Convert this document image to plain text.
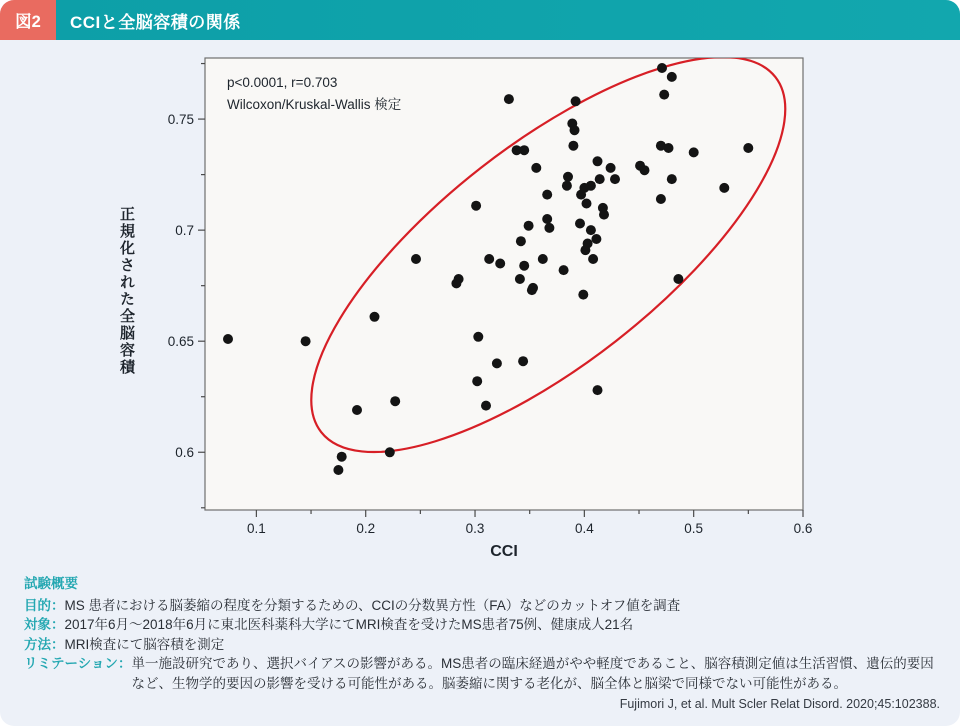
図2	CCIと全脳容積の関係
0.1	0.2	0.3	0.4	0.5	0.6
0.6
0.65
0.7
0.75
p<0.0001, r=0.703
Wilcoxon/Kruskal-Wallis 検定
正規化された全脳容積
CCI
試験概要
目的： MS 患者における脳萎縮の程度を分類するための、CCIの分数異方性（FA）などのカットオフ値を調査
対象： 2017年6月～2018年6月に東北医科薬科大学にてMRI検査を受けたMS患者75例、健康成人21名
方法： MRI検査にて脳容積を測定
リミテーション： 単一施設研究であり、選択バイアスの影響がある。MS患者の臨床経過がやや軽度であること、脳容積測定値は生活習慣、遺伝的要因など、生物学的要因の影響を受ける可能性がある。脳萎縮に関する老化が、脳全体と脳梁で同様でない可能性がある。
Fujimori J, et al. Mult Scler Relat Disord. 2020;45:102388.
